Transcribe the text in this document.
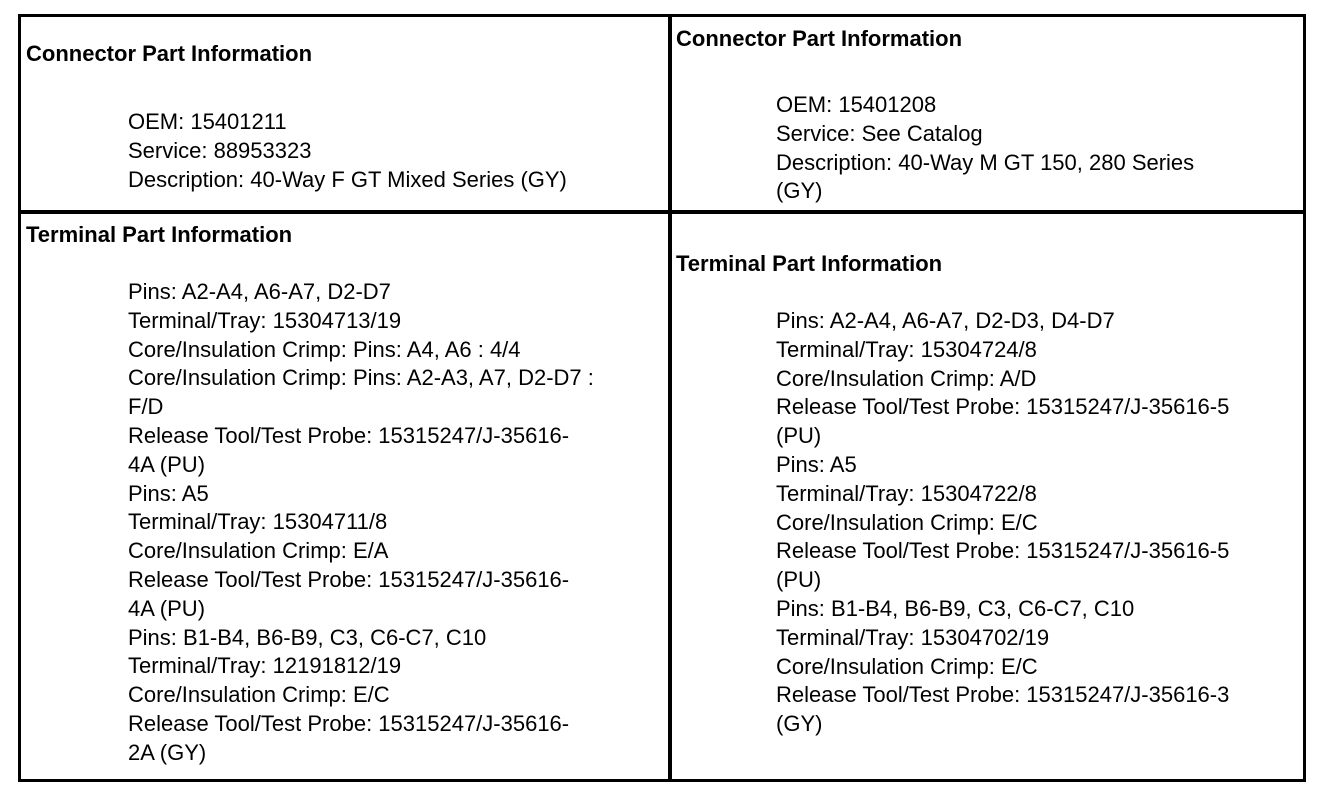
Connector Part Information

OEM: 15401211
Service: 88953323
Description: 40-Way F GT Mixed Series (GY)

Connector Part Information

OEM: 15401208
Service: See Catalog
Description: 40-Way M GT 150, 280 Series
(GY)

Terminal Part Information

Pins: A2-A4, A6-A7, D2-D7
Terminal/Tray: 15304713/19
Core/Insulation Crimp: Pins: A4, A6 : 4/4
Core/Insulation Crimp: Pins: A2-A3, A7, D2-D7 :
F/D
Release Tool/Test Probe: 15315247/J-35616-
4A (PU)
Pins: A5
Terminal/Tray: 15304711/8
Core/Insulation Crimp: E/A
Release Tool/Test Probe: 15315247/J-35616-
4A (PU)
Pins: B1-B4, B6-B9, C3, C6-C7, C10
Terminal/Tray: 12191812/19
Core/Insulation Crimp: E/C
Release Tool/Test Probe: 15315247/J-35616-
2A (GY)

Terminal Part Information

Pins: A2-A4, A6-A7, D2-D3, D4-D7
Terminal/Tray: 15304724/8
Core/Insulation Crimp: A/D
Release Tool/Test Probe: 15315247/J-35616-5
(PU)
Pins: A5
Terminal/Tray: 15304722/8
Core/Insulation Crimp: E/C
Release Tool/Test Probe: 15315247/J-35616-5
(PU)
Pins: B1-B4, B6-B9, C3, C6-C7, C10
Terminal/Tray: 15304702/19
Core/Insulation Crimp: E/C
Release Tool/Test Probe: 15315247/J-35616-3
(GY)
